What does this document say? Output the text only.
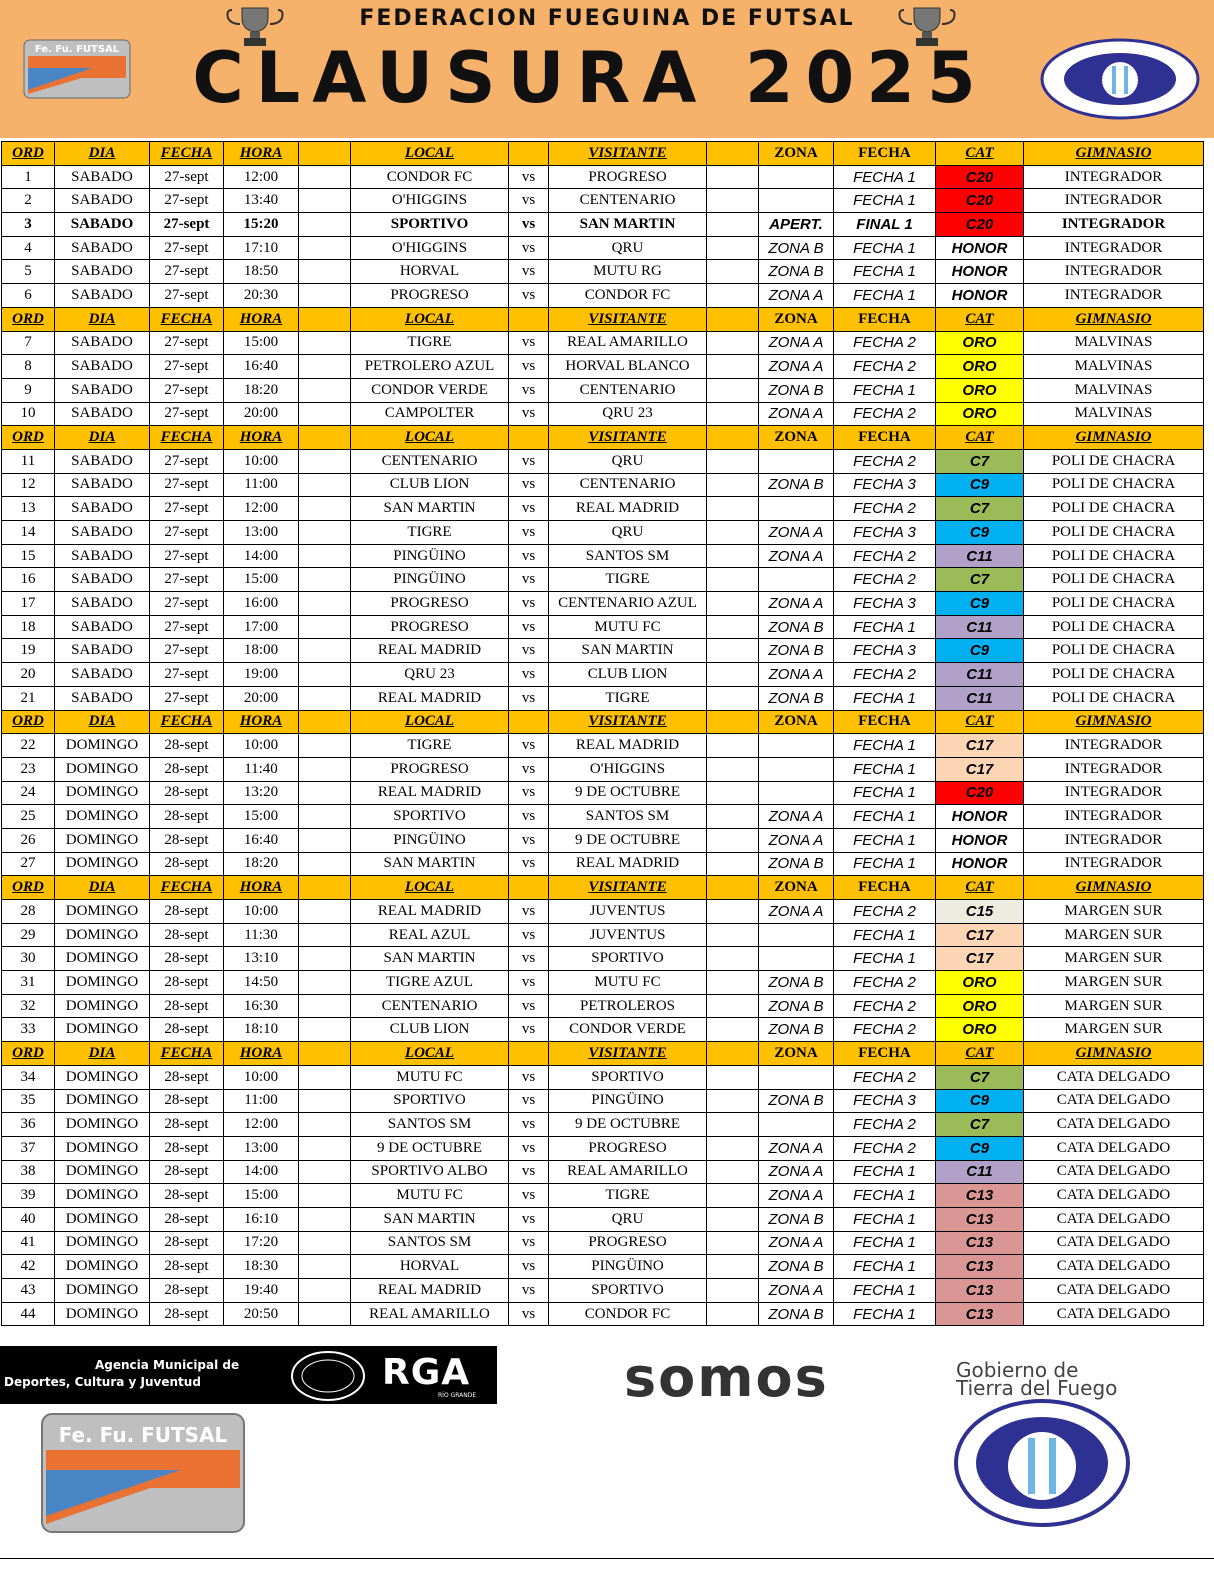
FEDERACION FUEGUINA DE FUTSAL
CLAUSURA 2025
Fe. Fu. FUTSAL
ORD	DIA	FECHA	HORA		LOCAL		VISITANTE		ZONA	FECHA	CAT	GIMNASIO
1	SABADO	27-sept	12:00		CONDOR FC	vs	PROGRESO			FECHA 1	C20	INTEGRADOR
2	SABADO	27-sept	13:40		O'HIGGINS	vs	CENTENARIO			FECHA 1	C20	INTEGRADOR
3	SABADO	27-sept	15:20		SPORTIVO	vs	SAN MARTIN		APERT.	FINAL 1	C20	INTEGRADOR
4	SABADO	27-sept	17:10		O'HIGGINS	vs	QRU		ZONA B	FECHA 1	HONOR	INTEGRADOR
5	SABADO	27-sept	18:50		HORVAL	vs	MUTU RG		ZONA B	FECHA 1	HONOR	INTEGRADOR
6	SABADO	27-sept	20:30		PROGRESO	vs	CONDOR FC		ZONA A	FECHA 1	HONOR	INTEGRADOR
ORD	DIA	FECHA	HORA		LOCAL		VISITANTE		ZONA	FECHA	CAT	GIMNASIO
7	SABADO	27-sept	15:00		TIGRE	vs	REAL AMARILLO		ZONA A	FECHA 2	ORO	MALVINAS
8	SABADO	27-sept	16:40		PETROLERO AZUL	vs	HORVAL BLANCO		ZONA A	FECHA 2	ORO	MALVINAS
9	SABADO	27-sept	18:20		CONDOR VERDE	vs	CENTENARIO		ZONA B	FECHA 1	ORO	MALVINAS
10	SABADO	27-sept	20:00		CAMPOLTER	vs	QRU 23		ZONA A	FECHA 2	ORO	MALVINAS
ORD	DIA	FECHA	HORA		LOCAL		VISITANTE		ZONA	FECHA	CAT	GIMNASIO
11	SABADO	27-sept	10:00		CENTENARIO	vs	QRU			FECHA 2	C7	POLI DE CHACRA
12	SABADO	27-sept	11:00		CLUB LION	vs	CENTENARIO		ZONA B	FECHA 3	C9	POLI DE CHACRA
13	SABADO	27-sept	12:00		SAN MARTIN	vs	REAL MADRID			FECHA 2	C7	POLI DE CHACRA
14	SABADO	27-sept	13:00		TIGRE	vs	QRU		ZONA A	FECHA 3	C9	POLI DE CHACRA
15	SABADO	27-sept	14:00		PINGÜINO	vs	SANTOS SM		ZONA A	FECHA 2	C11	POLI DE CHACRA
16	SABADO	27-sept	15:00		PINGÜINO	vs	TIGRE			FECHA 2	C7	POLI DE CHACRA
17	SABADO	27-sept	16:00		PROGRESO	vs	CENTENARIO AZUL		ZONA A	FECHA 3	C9	POLI DE CHACRA
18	SABADO	27-sept	17:00		PROGRESO	vs	MUTU FC		ZONA B	FECHA 1	C11	POLI DE CHACRA
19	SABADO	27-sept	18:00		REAL MADRID	vs	SAN MARTIN		ZONA B	FECHA 3	C9	POLI DE CHACRA
20	SABADO	27-sept	19:00		QRU 23	vs	CLUB LION		ZONA A	FECHA 2	C11	POLI DE CHACRA
21	SABADO	27-sept	20:00		REAL MADRID	vs	TIGRE		ZONA B	FECHA 1	C11	POLI DE CHACRA
ORD	DIA	FECHA	HORA		LOCAL		VISITANTE		ZONA	FECHA	CAT	GIMNASIO
22	DOMINGO	28-sept	10:00		TIGRE	vs	REAL MADRID			FECHA 1	C17	INTEGRADOR
23	DOMINGO	28-sept	11:40		PROGRESO	vs	O'HIGGINS			FECHA 1	C17	INTEGRADOR
24	DOMINGO	28-sept	13:20		REAL MADRID	vs	9 DE OCTUBRE			FECHA 1	C20	INTEGRADOR
25	DOMINGO	28-sept	15:00		SPORTIVO	vs	SANTOS SM		ZONA A	FECHA 1	HONOR	INTEGRADOR
26	DOMINGO	28-sept	16:40		PINGÜINO	vs	9 DE OCTUBRE		ZONA A	FECHA 1	HONOR	INTEGRADOR
27	DOMINGO	28-sept	18:20		SAN MARTIN	vs	REAL MADRID		ZONA B	FECHA 1	HONOR	INTEGRADOR
ORD	DIA	FECHA	HORA		LOCAL		VISITANTE		ZONA	FECHA	CAT	GIMNASIO
28	DOMINGO	28-sept	10:00		REAL MADRID	vs	JUVENTUS		ZONA A	FECHA 2	C15	MARGEN SUR
29	DOMINGO	28-sept	11:30		REAL AZUL	vs	JUVENTUS			FECHA 1	C17	MARGEN SUR
30	DOMINGO	28-sept	13:10		SAN MARTIN	vs	SPORTIVO			FECHA 1	C17	MARGEN SUR
31	DOMINGO	28-sept	14:50		TIGRE AZUL	vs	MUTU FC		ZONA B	FECHA 2	ORO	MARGEN SUR
32	DOMINGO	28-sept	16:30		CENTENARIO	vs	PETROLEROS		ZONA B	FECHA 2	ORO	MARGEN SUR
33	DOMINGO	28-sept	18:10		CLUB LION	vs	CONDOR VERDE		ZONA B	FECHA 2	ORO	MARGEN SUR
ORD	DIA	FECHA	HORA		LOCAL		VISITANTE		ZONA	FECHA	CAT	GIMNASIO
34	DOMINGO	28-sept	10:00		MUTU FC	vs	SPORTIVO			FECHA 2	C7	CATA DELGADO
35	DOMINGO	28-sept	11:00		SPORTIVO	vs	PINGÜINO		ZONA B	FECHA 3	C9	CATA DELGADO
36	DOMINGO	28-sept	12:00		SANTOS SM	vs	9 DE OCTUBRE			FECHA 2	C7	CATA DELGADO
37	DOMINGO	28-sept	13:00		9 DE OCTUBRE	vs	PROGRESO		ZONA A	FECHA 2	C9	CATA DELGADO
38	DOMINGO	28-sept	14:00		SPORTIVO ALBO	vs	REAL AMARILLO		ZONA A	FECHA 1	C11	CATA DELGADO
39	DOMINGO	28-sept	15:00		MUTU FC	vs	TIGRE		ZONA A	FECHA 1	C13	CATA DELGADO
40	DOMINGO	28-sept	16:10		SAN MARTIN	vs	QRU		ZONA B	FECHA 1	C13	CATA DELGADO
41	DOMINGO	28-sept	17:20		SANTOS SM	vs	PROGRESO		ZONA A	FECHA 1	C13	CATA DELGADO
42	DOMINGO	28-sept	18:30		HORVAL	vs	PINGÜINO		ZONA B	FECHA 1	C13	CATA DELGADO
43	DOMINGO	28-sept	19:40		REAL MADRID	vs	SPORTIVO		ZONA A	FECHA 1	C13	CATA DELGADO
44	DOMINGO	28-sept	20:50		REAL AMARILLO	vs	CONDOR FC		ZONA B	FECHA 1	C13	CATA DELGADO
Agencia Municipal de
Deportes, Cultura y Juventud	RGA
RÍO GRANDE	somos	Gobierno de
Tierra del Fuego
Fe. Fu. FUTSAL
